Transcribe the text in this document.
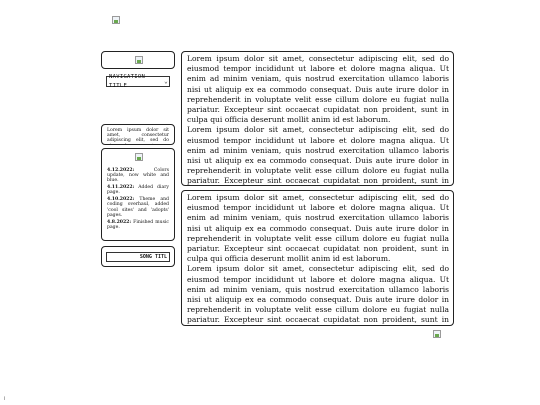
NAVIGATION TITLE
⌄
Lorem ipsum dolor sit amet, consectetur adipiscing elit, sed do
4.12.2022:	Colors update, now white and blue.
4.11.2022: Added diary page.
4.10.2022: Theme and coding overhaul, added 'cool sites' and 'adopts' pages.
4.8.2022: Finished music page.
SONG TITL

Lorem ipsum dolor sit amet, consectetur adipiscing elit, sed do eiusmod tempor incididunt ut labore et dolore magna aliqua. Ut enim ad minim veniam, quis nostrud exercitation ullamco laboris nisi ut aliquip ex ea commodo consequat. Duis aute irure dolor in reprehenderit in voluptate velit esse cillum dolore eu fugiat nulla pariatur. Excepteur sint occaecat cupidatat non proident, sunt in culpa qui officia deserunt mollit anim id est laborum.

Lorem ipsum dolor sit amet, consectetur adipiscing elit, sed do eiusmod tempor incididunt ut labore et dolore magna aliqua. Ut enim ad minim veniam, quis nostrud exercitation ullamco laboris nisi ut aliquip ex ea commodo consequat. Duis aute irure dolor in reprehenderit in voluptate velit esse cillum dolore eu fugiat nulla pariatur. Excepteur sint occaecat cupidatat non proident, sunt in

Lorem ipsum dolor sit amet, consectetur adipiscing elit, sed do eiusmod tempor incididunt ut labore et dolore magna aliqua. Ut enim ad minim veniam, quis nostrud exercitation ullamco laboris nisi ut aliquip ex ea commodo consequat. Duis aute irure dolor in reprehenderit in voluptate velit esse cillum dolore eu fugiat nulla pariatur. Excepteur sint occaecat cupidatat non proident, sunt in culpa qui officia deserunt mollit anim id est laborum.

Lorem ipsum dolor sit amet, consectetur adipiscing elit, sed do eiusmod tempor incididunt ut labore et dolore magna aliqua. Ut enim ad minim veniam, quis nostrud exercitation ullamco laboris nisi ut aliquip ex ea commodo consequat. Duis aute irure dolor in reprehenderit in voluptate velit esse cillum dolore eu fugiat nulla pariatur. Excepteur sint occaecat cupidatat non proident, sunt in

i
